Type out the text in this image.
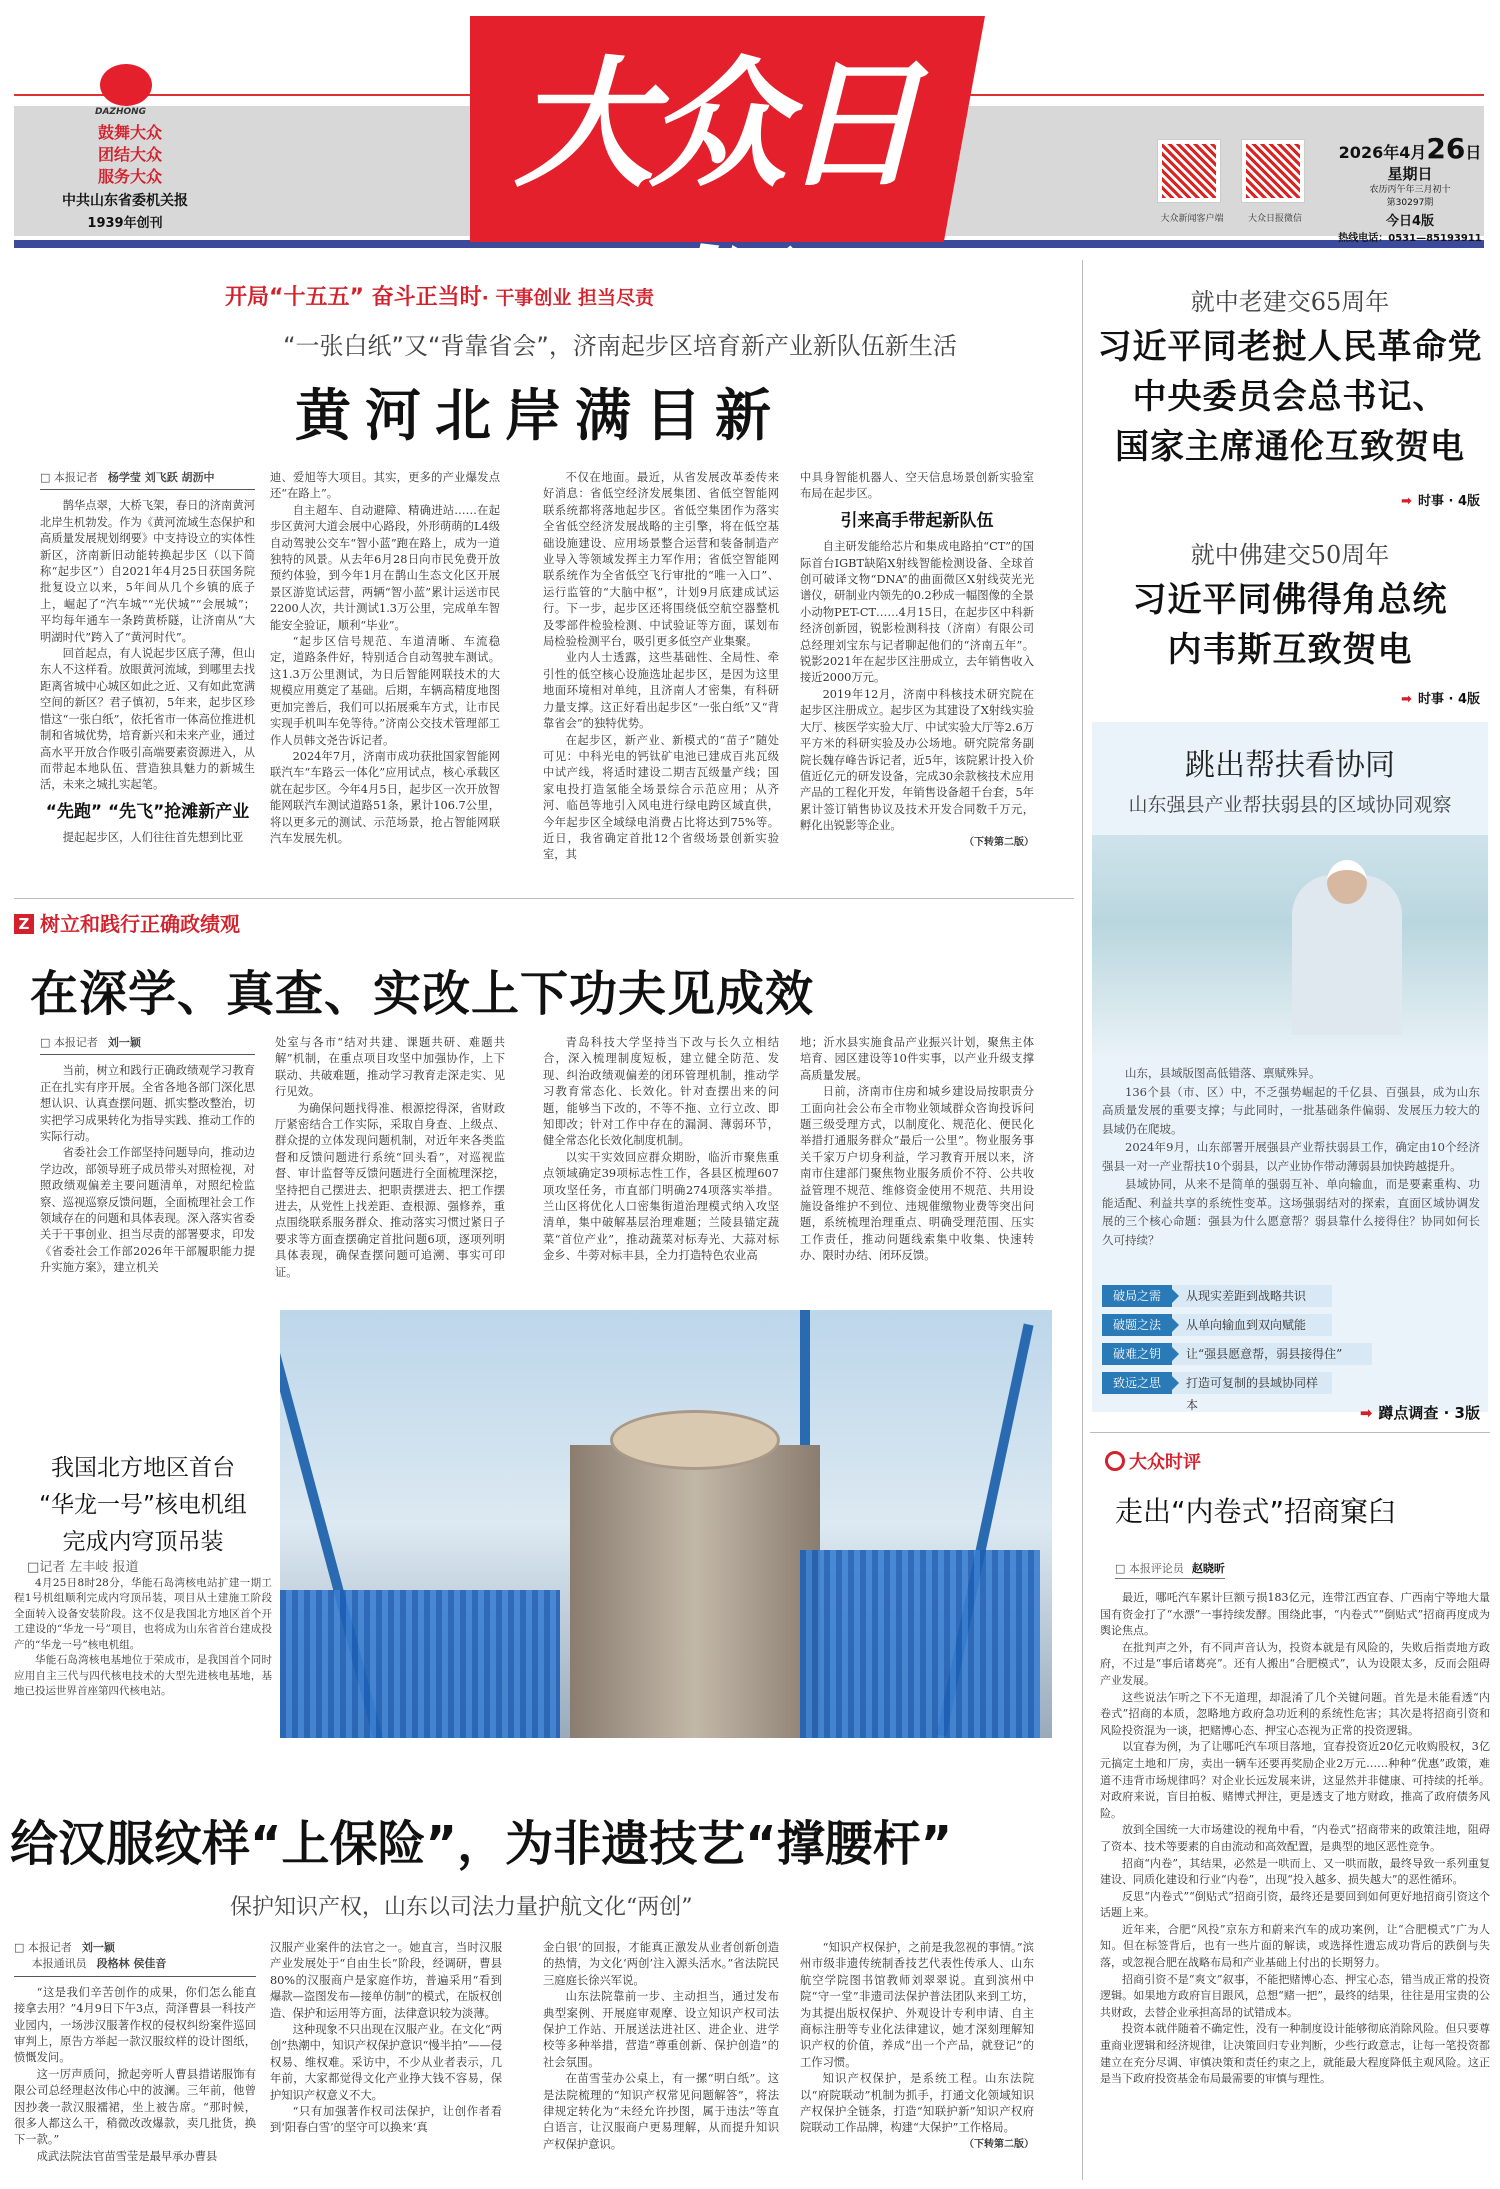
DAZHONG
鼓舞大众
团结大众
服务大众
中共山东省委机关报
1939年创刊
大众日报
大众新闻客户端	大众日报微信
2026年4月26日
星期日
农历丙午年三月初十
第30297期
今日4版
热线电话：0531—85193911
开局“十五五” 奋斗正当时· 干事创业 担当尽责
“一张白纸”又“背靠省会”，济南起步区培育新产业新队伍新生活
黄河北岸满目新

□ 本报记者 杨学莹 刘飞跃 胡沥中

鹊华点翠，大桥飞架，春日的济南黄河北岸生机勃发。作为《黄河流域生态保护和高质量发展规划纲要》中支持设立的实体性新区，济南新旧动能转换起步区（以下简称“起步区”）自2021年4月25日获国务院批复设立以来，5年间从几个乡镇的底子上，崛起了“汽车城”“光伏城”“会展城”；平均每年通车一条跨黄桥隧，让济南从“大明湖时代”跨入了“黄河时代”。

回首起点，有人说起步区底子薄，但山东人不这样看。放眼黄河流域，到哪里去找距离省城中心城区如此之近、又有如此宽满空间的新区？君子慎初，5年来，起步区珍惜这“一张白纸”，依托省市一体高位推进机制和省城优势，培育新兴和未来产业，通过高水平开放合作吸引高端要素资源进入，从而带起本地队伍、营造独具魅力的新城生活，未来之城扎实起笔。

“先跑” “先飞”抢滩新产业

提起起步区，人们往往首先想到比亚

迪、爱旭等大项目。其实，更多的产业爆发点还“在路上”。

自主超车、自动避障、精确进站……在起步区黄河大道会展中心路段，外形萌萌的L4级自动驾驶公交车“智小蓝”跑在路上，成为一道独特的风景。从去年6月28日向市民免费开放预约体验，到今年1月在鹊山生态文化区开展景区游览试运营，两辆“智小蓝”累计运送市民2200人次，共计测试1.3万公里，完成单车智能安全验证，顺利“毕业”。

“起步区信号规范、车道清晰、车流稳定，道路条件好，特别适合自动驾驶车测试。这1.3万公里测试，为日后智能网联技术的大规模应用奠定了基础。后期，车辆高精度地图更加完善后，我们可以拓展乘车方式，让市民实现手机叫车免等待。”济南公交技术管理部工作人员韩文尧告诉记者。

2024年7月，济南市成功获批国家智能网联汽车“车路云一体化”应用试点，核心承载区就在起步区。今年4月5日，起步区一次开放智能网联汽车测试道路51条，累计106.7公里，将以更多元的测试、示范场景，抢占智能网联汽车发展先机。

不仅在地面。最近，从省发展改革委传来好消息：省低空经济发展集团、省低空智能网联系统都将落地起步区。省低空集团作为落实全省低空经济发展战略的主引擎，将在低空基础设施建设、应用场景整合运营和装备制造产业导入等领域发挥主力军作用；省低空智能网联系统作为全省低空飞行审批的“唯一入口”、运行监管的“大脑中枢”，计划9月底建成试运行。下一步，起步区还将围绕低空航空器整机及零部件检验检测、中试验证等方面，谋划布局检验检测平台，吸引更多低空产业集聚。

业内人士透露，这些基础性、全局性、牵引性的低空核心设施选址起步区，是因为这里地面环境相对单纯，且济南人才密集，有科研力量支撑。这正好看出起步区“一张白纸”又“背靠省会”的独特优势。

在起步区，新产业、新模式的“苗子”随处可见：中科光电的钙钛矿电池已建成百兆瓦级中试产线，将适时建设二期吉瓦级量产线；国家电投打造氢能全场景综合示范应用；从齐河、临邑等地引入风电进行绿电跨区域直供，今年起步区全域绿电消费占比将达到75%等。近日，我省确定首批12个省级场景创新实验室，其

中具身智能机器人、空天信息场景创新实验室布局在起步区。

引来高手带起新队伍

自主研发能给芯片和集成电路拍“CT”的国际首台IGBT缺陷X射线智能检测设备、全球首创可破译文物“DNA”的曲面微区X射线荧光光谱仪，研制业内领先的0.2秒成一幅图像的全景小动物PET-CT……4月15日，在起步区中科新经济创新园，锐影检测科技（济南）有限公司总经理刘宝东与记者聊起他们的“济南五年”。锐影2021年在起步区注册成立，去年销售收入接近2000万元。

2019年12月，济南中科核技术研究院在起步区注册成立。起步区为其建设了X射线实验大厅、核医学实验大厅、中试实验大厅等2.6万平方米的科研实验及办公场地。研究院常务副院长魏存峰告诉记者，近5年，该院累计投入价值近亿元的研发设备，完成30余款核技术应用产品的工程化开发，年销售设备超千台套，5年累计签订销售协议及技术开发合同数千万元，孵化出锐影等企业。

（下转第二版）
Z 树立和践行正确政绩观
在深学、真查、实改上下功夫见成效

□ 本报记者 刘一颖

当前，树立和践行正确政绩观学习教育正在扎实有序开展。全省各地各部门深化思想认识、认真查摆问题、抓实整改整治，切实把学习成果转化为指导实践、推动工作的实际行动。

省委社会工作部坚持问题导向，推动边学边改，部领导班子成员带头对照检视，对照政绩观偏差主要问题清单，对照纪检监察、巡视巡察反馈问题，全面梳理社会工作领域存在的问题和具体表现。深入落实省委关于干事创业、担当尽责的部署要求，印发《省委社会工作部2026年干部履职能力提升实施方案》，建立机关

处室与各市“结对共建、课题共研、难题共解”机制，在重点项目攻坚中加强协作，上下联动、共破难题，推动学习教育走深走实、见行见效。

为确保问题找得准、根源挖得深，省财政厅紧密结合工作实际，采取自身查、上级点、群众提的立体发现问题机制，对近年来各类监督和反馈问题进行系统“回头看”，对巡视监督、审计监督等反馈问题进行全面梳理深挖，坚持把自己摆进去、把职责摆进去、把工作摆进去，从党性上找差距、查根源、强修养，重点围绕联系服务群众、推动落实习惯过紧日子要求等方面查摆确定首批问题6项，逐项列明具体表现，确保查摆问题可追溯、事实可印证。

青岛科技大学坚持当下改与长久立相结合，深入梳理制度短板，建立健全防范、发现、纠治政绩观偏差的闭环管理机制，推动学习教育常态化、长效化。针对查摆出来的问题，能够当下改的，不等不拖、立行立改、即知即改；针对工作中存在的漏洞、薄弱环节，健全常态化长效化制度机制。

以实干实效回应群众期盼，临沂市聚焦重点领域确定39项标志性工作，各县区梳理607项攻坚任务，市直部门明确274项落实举措。兰山区将优化人口密集街道治理模式纳入攻坚清单，集中破解基层治理难题；兰陵县锚定蔬菜“首位产业”，推动蔬菜对标寿光、大蒜对标金乡、牛蒡对标丰县，全力打造特色农业高

地；沂水县实施食品产业振兴计划，聚焦主体培育、园区建设等10件实事，以产业升级支撑高质量发展。

日前，济南市住房和城乡建设局按职责分工面向社会公布全市物业领域群众咨询投诉问题三级受理方式，以制度化、规范化、便民化举措打通服务群众“最后一公里”。物业服务事关千家万户切身利益，学习教育开展以来，济南市住建部门聚焦物业服务质价不符、公共收益管理不规范、维修资金使用不规范、共用设施设备维护不到位、违规催缴物业费等突出问题，系统梳理治理重点、明确受理范围、压实工作责任，推动问题线索集中收集、快速转办、限时办结、闭环反馈。

我国北方地区首台
“华龙一号”核电机组
完成内穹顶吊装

□记者 左丰岐 报道

4月25日8时28分，华能石岛湾核电站扩建一期工程1号机组顺利完成内穹顶吊装，项目从土建施工阶段全面转入设备安装阶段。这不仅是我国北方地区首个开工建设的“华龙一号”项目，也将成为山东省首台建成投产的“华龙一号”核电机组。

华能石岛湾核电基地位于荣成市，是我国首个同时应用自主三代与四代核电技术的大型先进核电基地，基地已投运世界首座第四代核电站。

给汉服纹样“上保险”，为非遗技艺“撑腰杆”
保护知识产权，山东以司法力量护航文化“两创”

□ 本报记者 刘一颖
本报通讯员 段格林 侯佳音

“这是我们辛苦创作的成果，你们怎么能直接拿去用？”4月9日下午3点，菏泽曹县一科技产业园内，一场涉汉服著作权的侵权纠纷案件巡回审判上，原告方举起一款汉服纹样的设计图纸，愤慨发问。

这一厉声质问，掀起旁听人曹县措诺服饰有限公司总经理赵汝伟心中的波澜。三年前，他曾因抄袭一款汉服襦裙，坐上被告席。“那时候，很多人都这么干，稍微改改爆款，卖几批货，换下一款。”

成武法院法官苗雪莹是最早承办曹县

汉服产业案件的法官之一。她直言，当时汉服产业发展处于“自由生长”阶段，经调研，曹县80%的汉服商户是家庭作坊，普遍采用“看到爆款—盗图发布—接单仿制”的模式，在版权创造、保护和运用等方面，法律意识较为淡薄。

这种现象不只出现在汉服产业。在文化“两创”热潮中，知识产权保护意识“慢半拍”——侵权易、维权难。采访中，不少从业者表示，几年前，大家都觉得文化产业挣大钱不容易，保护知识产权意义不大。

“只有加强著作权司法保护，让创作者看到‘阳春白雪’的坚守可以换来‘真

金白银’的回报，才能真正激发从业者创新创造的热情，为文化‘两创’注入源头活水。”省法院民三庭庭长徐兴军说。

山东法院靠前一步、主动担当，通过发布典型案例、开展庭审观摩、设立知识产权司法保护工作站、开展送法进社区、进企业、进学校等多种举措，营造“尊重创新、保护创造”的社会氛围。

在苗雪莹办公桌上，有一摞“明白纸”。这是法院梳理的“知识产权常见问题解答”，将法律规定转化为“未经允许抄图，属于违法”等直白语言，让汉服商户更易理解，从而提升知识产权保护意识。

“知识产权保护，之前是我忽视的事情。”滨州市级非遗传统制香技艺代表性传承人、山东航空学院图书馆教师刘翠翠说。直到滨州中院“守一堂”非遗司法保护普法团队来到工坊，为其提出版权保护、外观设计专利申请、自主商标注册等专业化法律建议，她才深刻理解知识产权的价值，养成“出一个产品，就登记”的工作习惯。

知识产权保护，是系统工程。山东法院以“府院联动”机制为抓手，打通文化领域知识产权保护全链条，打造“知联护新”知识产权府院联动工作品牌，构建“大保护”工作格局。

（下转第二版）
就中老建交65周年
习近平同老挝人民革命党
中央委员会总书记、
国家主席通伦互致贺电
➡ 时事 · 4版
就中佛建交50周年
习近平同佛得角总统
内韦斯互致贺电
➡ 时事 · 4版
跳出帮扶看协同
山东强县产业帮扶弱县的区域协同观察

山东，县域版图高低错落、禀赋殊异。

136个县（市、区）中，不乏强势崛起的千亿县、百强县，成为山东高质量发展的重要支撑；与此同时，一批基础条件偏弱、发展压力较大的县域仍在爬坡。

2024年9月，山东部署开展强县产业帮扶弱县工作，确定由10个经济强县一对一产业帮扶10个弱县，以产业协作带动薄弱县加快跨越提升。

县域协同，从来不是简单的强弱互补、单向输血，而是要素重构、功能适配、利益共享的系统性变革。这场强弱结对的探索，直面区域协调发展的三个核心命题：强县为什么愿意帮？弱县靠什么接得住？协同如何长久可持续？

破局之需	从现实差距到战略共识
破题之法	从单向输血到双向赋能
破难之钥	让“强县愿意帮，弱县接得住”
致远之思	打造可复制的县域协同样本	➡ 蹲点调查 · 3版
大众时评
走出“内卷式”招商窠臼
□ 本报评论员 赵晓昕

最近，哪吒汽车累计巨额亏损183亿元，连带江西宜春、广西南宁等地大量国有资金打了“水漂”一事持续发酵。围绕此事，“内卷式”“倒贴式”招商再度成为舆论焦点。

在批判声之外，有不同声音认为，投资本就是有风险的，失败后指责地方政府，不过是“事后诸葛亮”。还有人搬出“合肥模式”，认为设限太多，反而会阻碍产业发展。

这些说法乍听之下不无道理，却混淆了几个关键问题。首先是未能看透“内卷式”招商的本质，忽略地方政府急功近利的系统性危害；其次是将招商引资和风险投资混为一谈，把赌博心态、押宝心态视为正常的投资逻辑。

以宜春为例，为了让哪吒汽车项目落地，宜春投资近20亿元收购股权，3亿元搞定土地和厂房，卖出一辆车还要再奖励企业2万元……种种“优惠”政策，难道不违背市场规律吗？对企业长远发展来讲，这显然并非健康、可持续的托举。对政府来说，盲目拍板、赌博式押注，更是透支了地方财政，推高了政府债务风险。

放到全国统一大市场建设的视角中看，“内卷式”招商带来的政策洼地，阻碍了资本、技术等要素的自由流动和高效配置，是典型的地区恶性竞争。

招商“内卷”，其结果，必然是一哄而上、又一哄而散，最终导致一系列重复建设、同质化建设和行业“内卷”，出现“投入越多、损失越大”的恶性循环。

反思“内卷式”“倒贴式”招商引资，最终还是要回到如何更好地招商引资这个话题上来。

近年来，合肥“风投”京东方和蔚来汽车的成功案例，让“合肥模式”广为人知。但在标签背后，也有一些片面的解读，或选择性遗忘成功背后的跌倒与失落，或忽视合肥在战略布局和产业基础上付出的长期努力。

招商引资不是“爽文”叙事，不能把赌博心态、押宝心态，错当成正常的投资逻辑。如果地方政府盲目跟风，总想“赌一把”，最终的结果，往往是用宝贵的公共财政，去替企业承担高昂的试错成本。

投资本就伴随着不确定性，没有一种制度设计能够彻底消除风险。但只要尊重商业逻辑和经济规律，让决策回归专业判断，少些行政意志，让每一笔投资都建立在充分尽调、审慎决策和责任约束之上，就能最大程度降低主观风险。这正是当下政府投资基金布局最需要的审慎与理性。
